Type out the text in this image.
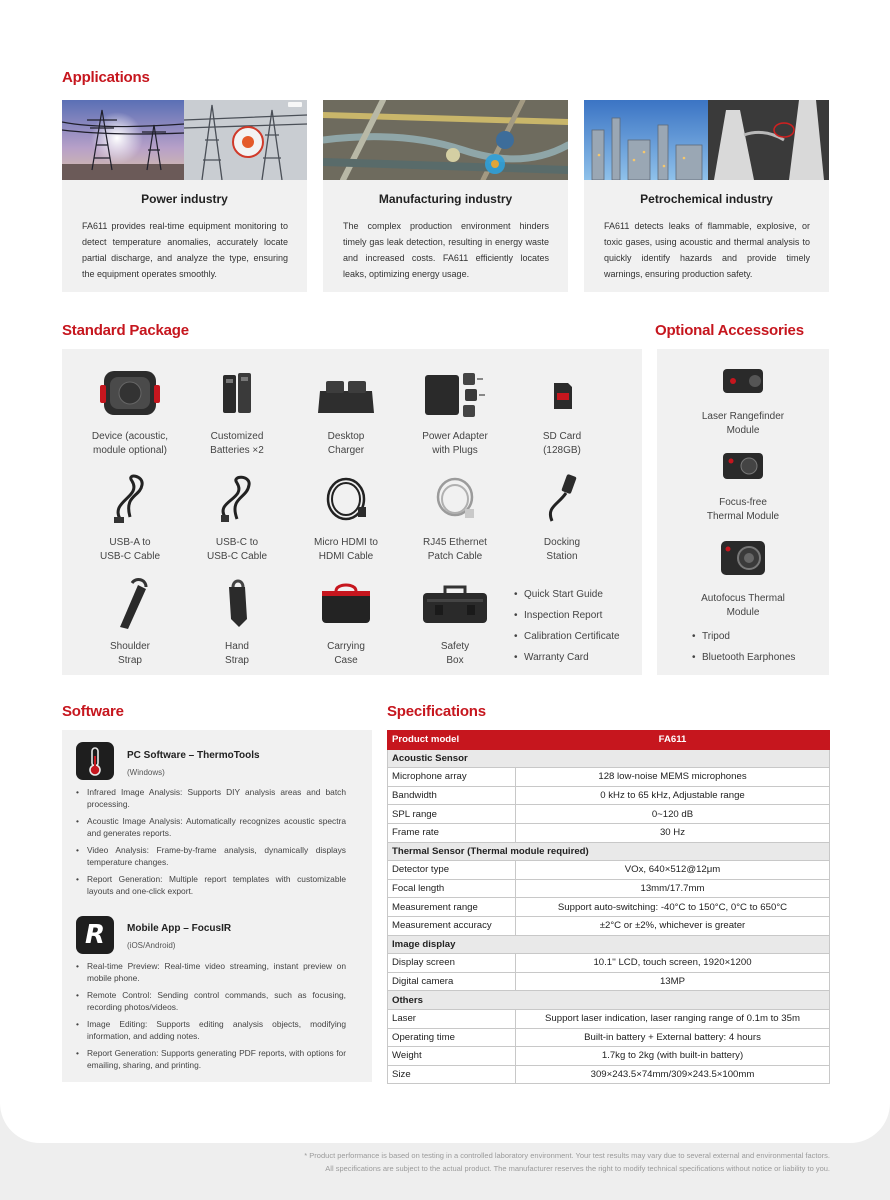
Applications
Power industry
FA611 provides real-time equipment monitoring to detect temperature anomalies, accurately locate partial discharge, and analyze the type, ensuring the equipment operates smoothly.
Manufacturing industry
The complex production environment hinders timely gas leak detection, resulting in energy waste and increased costs. FA611 efficiently locates leaks, optimizing energy usage.
Petrochemical industry
FA611 detects leaks of flammable, explosive, or toxic gases, using acoustic and thermal analysis to quickly identify hazards and provide timely warnings, ensuring production safety.
Standard Package	Optional Accessories
Device (acoustic,
module optional)
Customized
Batteries ×2
Desktop
Charger
Power Adapter
with Plugs
SD Card
(128GB)
USB-A to
USB-C Cable
USB-C to
USB-C Cable
Micro HDMI to
HDMI Cable
RJ45 Ethernet
Patch Cable
Docking
Station
Shoulder
Strap
Hand
Strap
Carrying
Case
Safety
Box
• Quick Start Guide
• Inspection Report
• Calibration Certificate
• Warranty Card
Laser Rangefinder
Module
Focus-free
Thermal Module
Autofocus Thermal
Module
• Tripod
• Bluetooth Earphones
Software
PC Software – ThermoTools
(Windows)
• Infrared Image Analysis: Supports DIY analysis areas and batch processing.
• Acoustic Image Analysis: Automatically recognizes acoustic spectra and generates reports.
• Video Analysis: Frame-by-frame analysis, dynamically displays temperature changes.
• Report Generation: Multiple report templates with customizable layouts and one-click export.
R	Mobile App – FocusIR
(iOS/Android)
• Real-time Preview: Real-time video streaming, instant preview on mobile phone.
• Remote Control: Sending control commands, such as focusing, recording photos/videos.
• Image Editing: Supports editing analysis objects, modifying information, and adding notes.
• Report Generation: Supports generating PDF reports, with options for emailing, sharing, and printing.
Specifications
Product model	FA611
Acoustic Sensor	
Microphone array	128 low-noise MEMS microphones
Bandwidth	0 kHz to 65 kHz, Adjustable range
SPL range	0~120 dB
Frame rate	30 Hz
Thermal Sensor (Thermal module required)	
Detector type	VOx, 640×512@12μm
Focal length	13mm/17.7mm
Measurement range	Support auto-switching: -40°C to 150°C, 0°C to 650°C
Measurement accuracy	±2°C or ±2%, whichever is greater
Image display	
Display screen	10.1'' LCD, touch screen, 1920×1200
Digital camera	13MP
Others	
Laser	Support laser indication, laser ranging range of 0.1m to 35m
Operating time	Built-in battery + External battery: 4 hours
Weight	1.7kg to 2kg (with built-in battery)
Size	309×243.5×74mm/309×243.5×100mm
* Product performance is based on testing in a controlled laboratory environment. Your test results may vary due to several external and environmental factors.
All specifications are subject to the actual product. The manufacturer reserves the right to modify technical specifications without notice or liability to you.
